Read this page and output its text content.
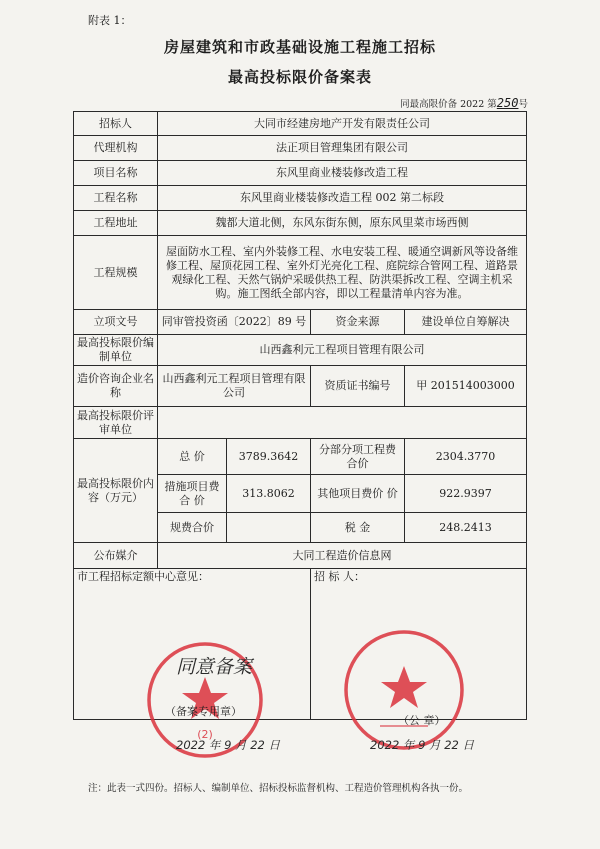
附表 1：
房屋建筑和市政基础设施工程施工招标
最高投标限价备案表
同最高限价备 2022 第250号
招标人	大同市经建房地产开发有限责任公司			
代理机构	法正项目管理集团有限公司			
项目名称	东风里商业楼装修改造工程			
工程名称	东风里商业楼装修改造工程 002 第二标段			
工程地址	魏都大道北侧，东风东街东侧，原东风里菜市场西侧			
工程规模	屋面防水工程、室内外装修工程、水电安装工程、暖通空调新风等设备维修工程、屋顶花园工程、室外灯光亮化工程、庭院综合管网工程、道路景观绿化工程、天然气锅炉采暖供热工程、防洪渠拆改工程、空调主机采购。施工图纸全部内容，即以工程量清单内容为准。			
立项文号	同审管投资函〔2022〕89 号		资金来源	建设单位自筹解决
最高投标限价编制单位	山西鑫利元工程项目管理有限公司			
造价咨询企业名称	山西鑫利元工程项目管理有限公司		资质证书编号	甲 201514003000
最高投标限价评审单位				
最高投标限价内容（万元）	总 价	3789.3642	分部分项工程费合价	2304.3770
	措施项目费合 价	313.8062	其他项目费价 价	922.9397
	规费合价		税 金	248.2413
公布媒介	大同工程造价信息网			

市工程招标定额中心意见：			招 标 人：	
(2)
同意备案
（备案专用章）
2022 年 9 月 22 日
（公 章）
2022 年 9 月 22 日
注：此表一式四份。招标人、编制单位、招标投标监督机构、工程造价管理机构各执一份。
